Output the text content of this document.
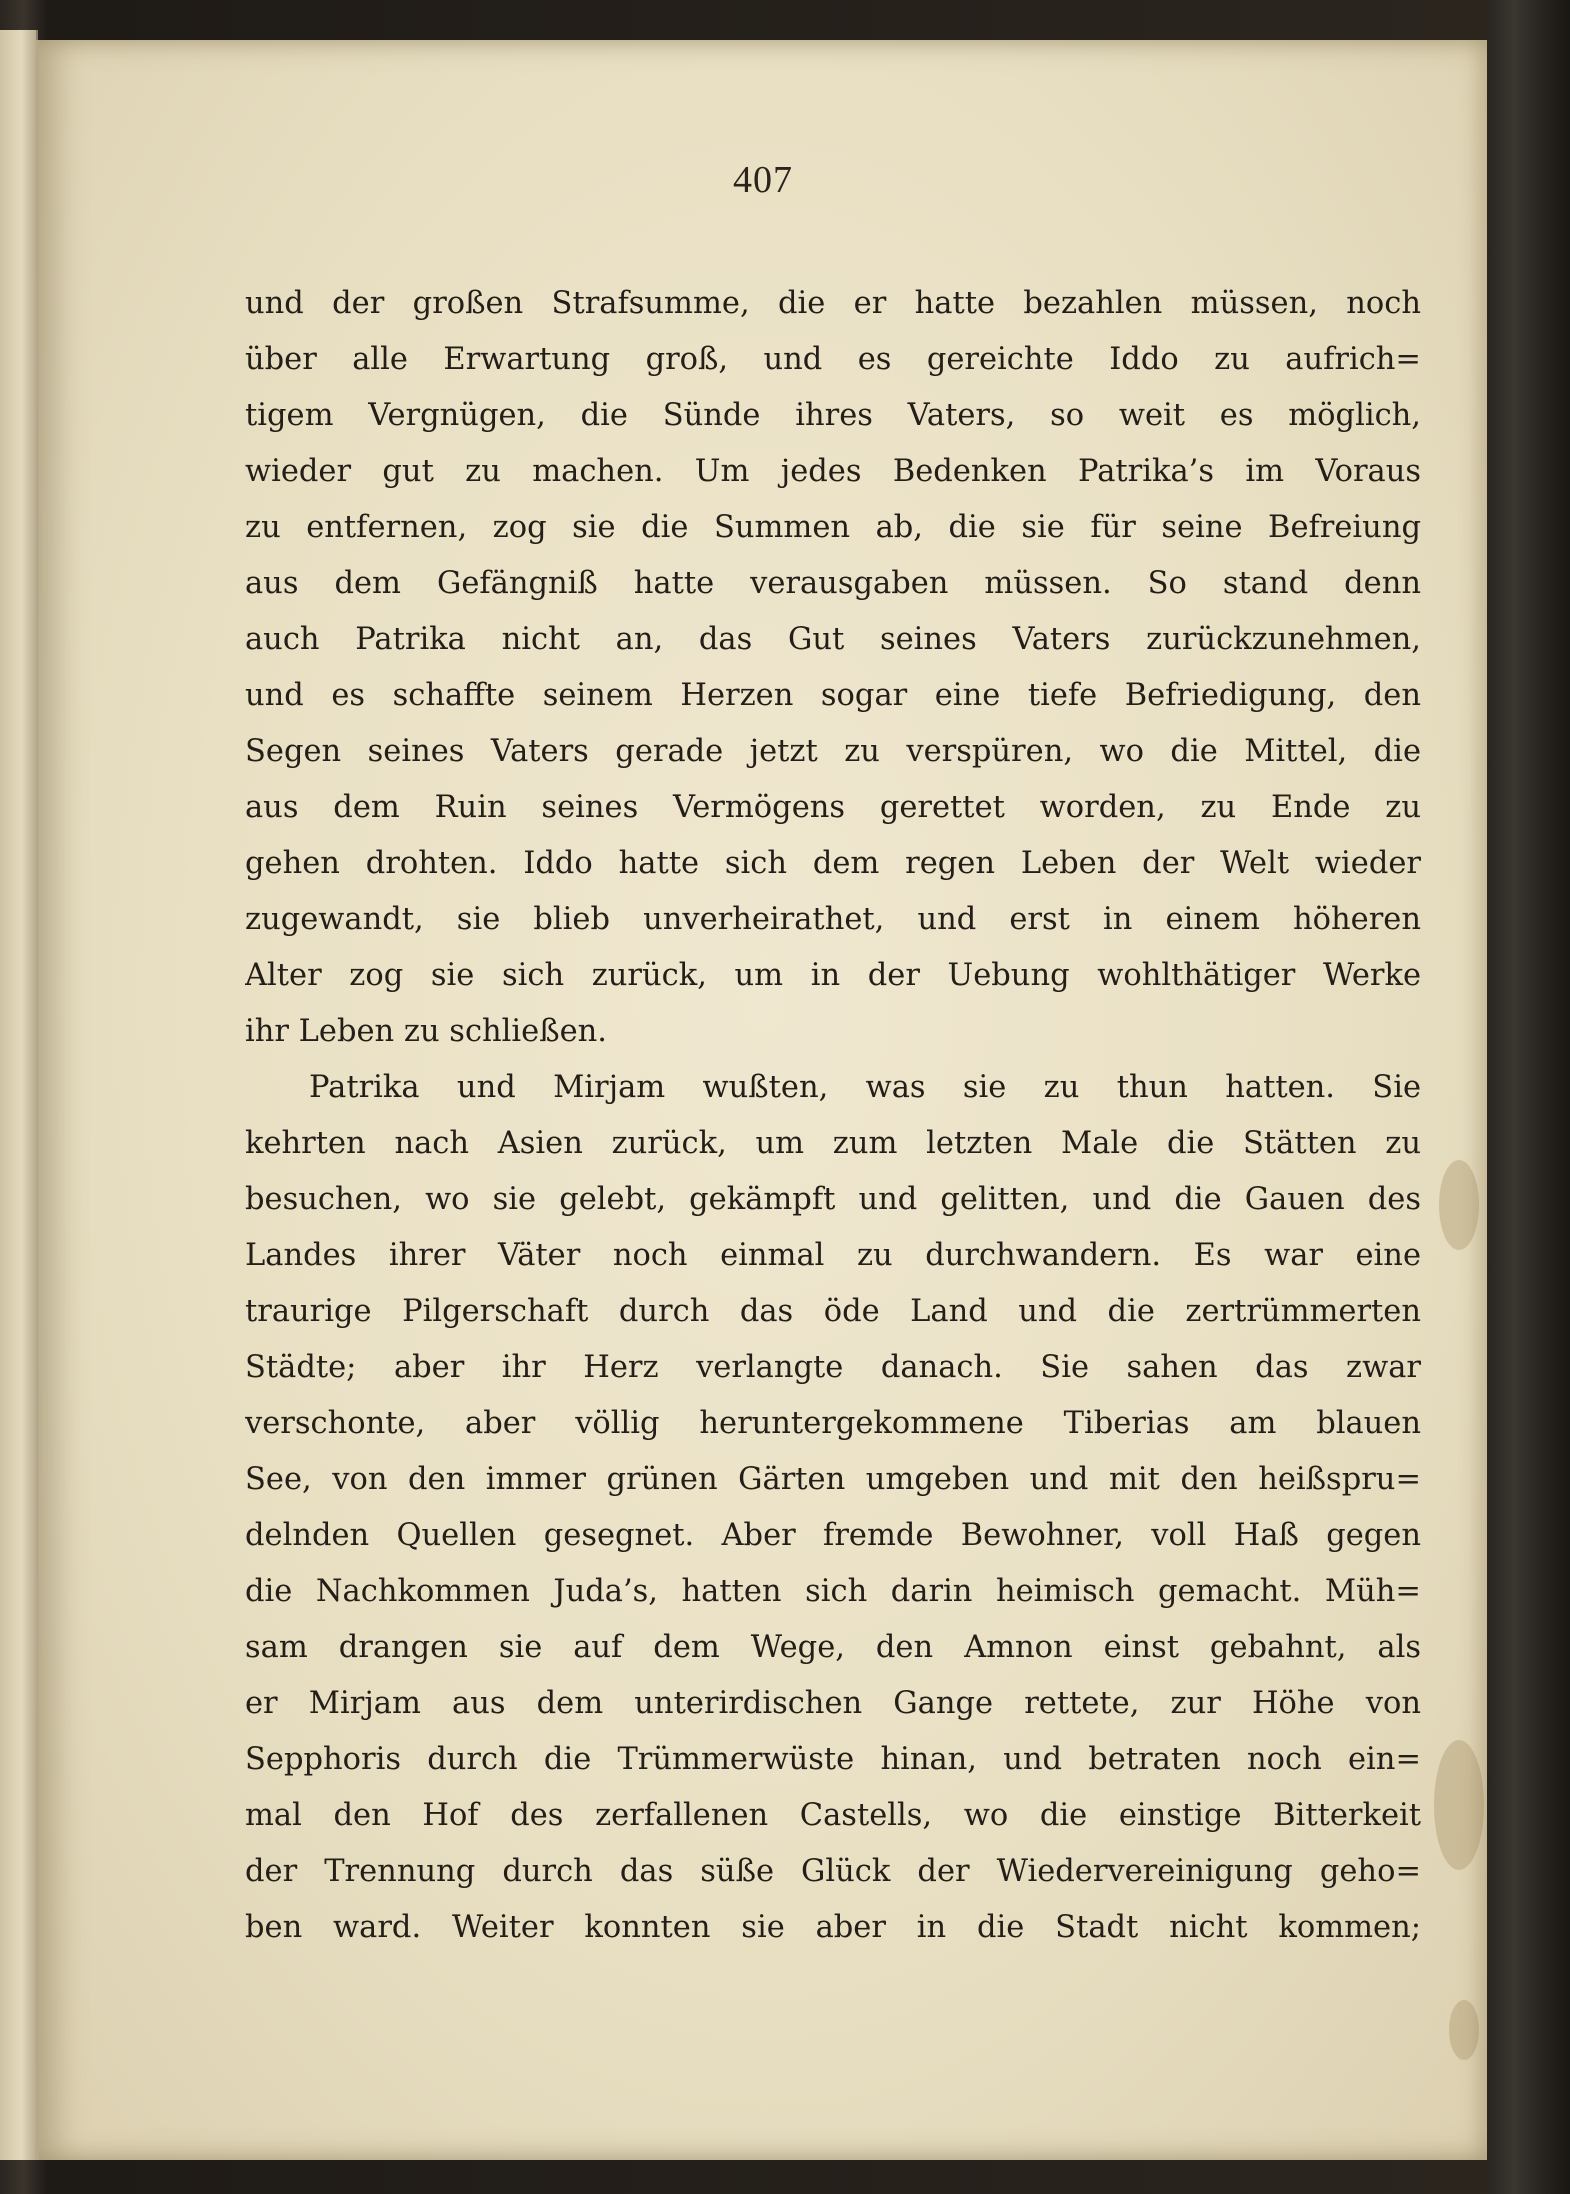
407

und der großen Strafsumme, die er hatte bezahlen müssen, noch
über alle Erwartung groß, und es gereichte Iddo zu aufrich=
tigem Vergnügen, die Sünde ihres Vaters, so weit es möglich,
wieder gut zu machen. Um jedes Bedenken Patrika’s im Voraus
zu entfernen, zog sie die Summen ab, die sie für seine Befreiung
aus dem Gefängniß hatte verausgaben müssen. So stand denn
auch Patrika nicht an, das Gut seines Vaters zurückzunehmen,
und es schaffte seinem Herzen sogar eine tiefe Befriedigung, den
Segen seines Vaters gerade jetzt zu verspüren, wo die Mittel, die
aus dem Ruin seines Vermögens gerettet worden, zu Ende zu
gehen drohten. Iddo hatte sich dem regen Leben der Welt wieder
zugewandt, sie blieb unverheirathet, und erst in einem höheren
Alter zog sie sich zurück, um in der Uebung wohlthätiger Werke
ihr Leben zu schließen.
Patrika und Mirjam wußten, was sie zu thun hatten. Sie
kehrten nach Asien zurück, um zum letzten Male die Stätten zu
besuchen, wo sie gelebt, gekämpft und gelitten, und die Gauen des
Landes ihrer Väter noch einmal zu durchwandern. Es war eine
traurige Pilgerschaft durch das öde Land und die zertrümmerten
Städte; aber ihr Herz verlangte danach. Sie sahen das zwar
verschonte, aber völlig heruntergekommene Tiberias am blauen
See, von den immer grünen Gärten umgeben und mit den heißspru=
delnden Quellen gesegnet. Aber fremde Bewohner, voll Haß gegen
die Nachkommen Juda’s, hatten sich darin heimisch gemacht. Müh=
sam drangen sie auf dem Wege, den Amnon einst gebahnt, als
er Mirjam aus dem unterirdischen Gange rettete, zur Höhe von
Sepphoris durch die Trümmerwüste hinan, und betraten noch ein=
mal den Hof des zerfallenen Castells, wo die einstige Bitterkeit
der Trennung durch das süße Glück der Wiedervereinigung geho=
ben ward. Weiter konnten sie aber in die Stadt nicht kommen;
